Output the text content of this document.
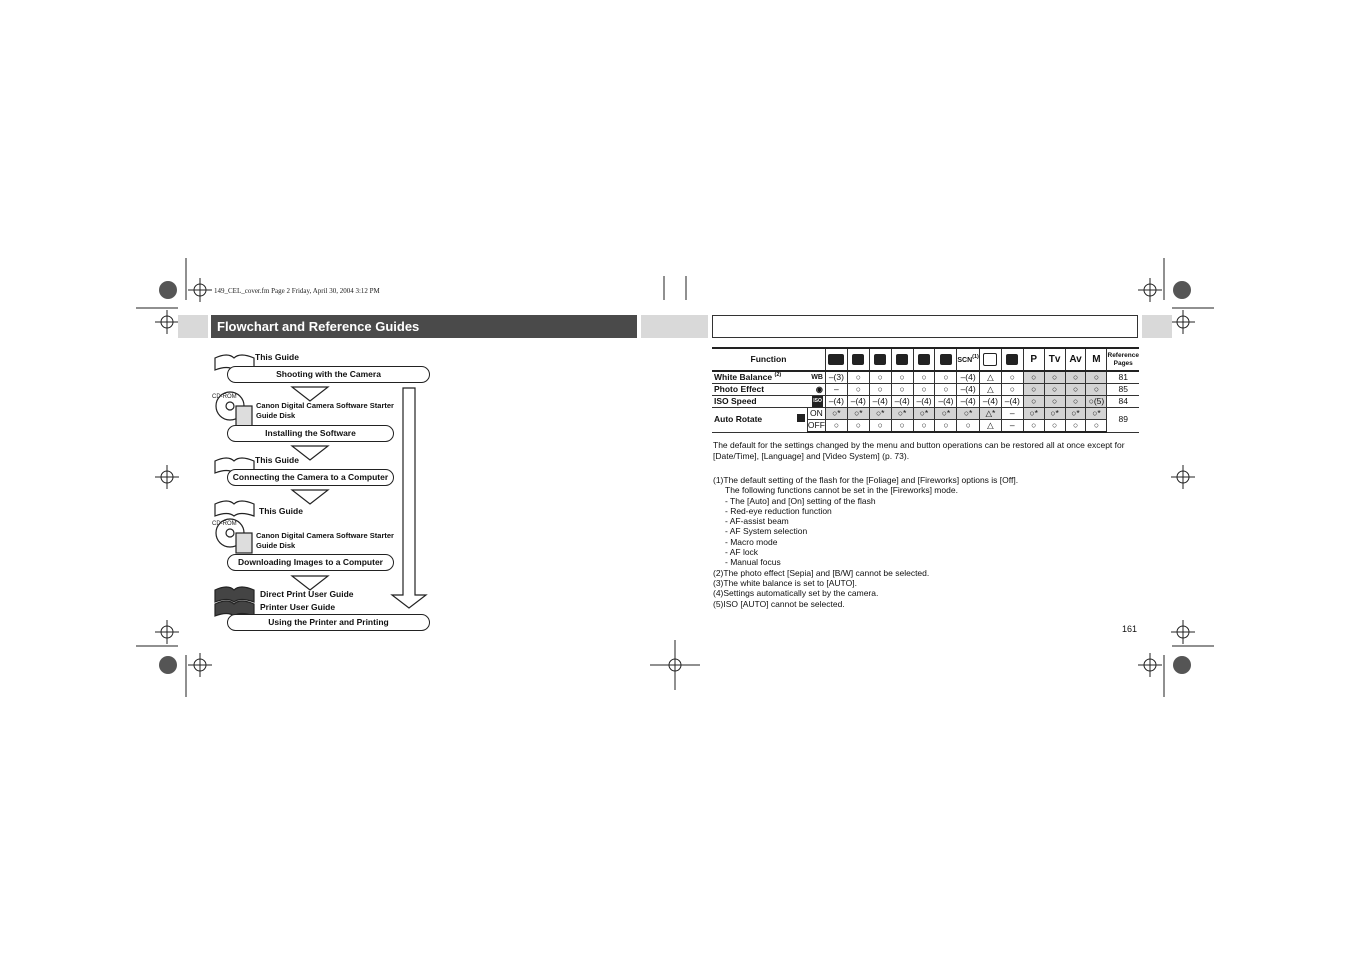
149_CEL_cover.fm Page 2 Friday, April 30, 2004 3:12 PM
Flowchart and Reference Guides
CD-ROM
CD-ROM
This Guide
Shooting with the Camera
Canon Digital Camera Software Starter Guide Disk
Installing the Software
This Guide
Connecting the Camera to a Computer
This Guide
Canon Digital Camera Software Starter Guide Disk
Downloading Images to a Computer
Direct Print User Guide
Printer User Guide
Using the Printer and Printing
Function								SCN$^{(1)}$			P	Tv	Av	M	Reference Pages
White Balance $^{(2)}$ WB		–(3)	○	○	○	○	○	–(4)	△	○	○	○	○	○	81
Photo Effect ◉		–	○	○	○	○	○	–(4)	△	○	○	○	○	○	85
ISO Speed ISO		–(4)	–(4)	–(4)	–(4)	–(4)	–(4)	–(4)	–(4)	–(4)	○	○	○	○(5)	84
Auto Rotate	ON	○*	○*	○*	○*	○*	○*	○*	△*	–	○*	○*	○*	○*	89
	OFF	○	○	○	○	○	○	○	△	–	○	○	○	○	
The default for the settings changed by the menu and button operations can be restored all at once except for [Date/Time], [Language] and [Video System] (p. 73).
(1)The default setting of the flash for the [Foliage] and [Fireworks] options is [Off].
The following functions cannot be set in the [Fireworks] mode.
- The [Auto] and [On] setting of the flash
- Red-eye reduction function
- AF-assist beam
- AF System selection
- Macro mode
- AF lock
- Manual focus
(2)The photo effect [Sepia] and [B/W] cannot be selected.
(3)The white balance is set to [AUTO].
(4)Settings automatically set by the camera.
(5)ISO [AUTO] cannot be selected.
161
